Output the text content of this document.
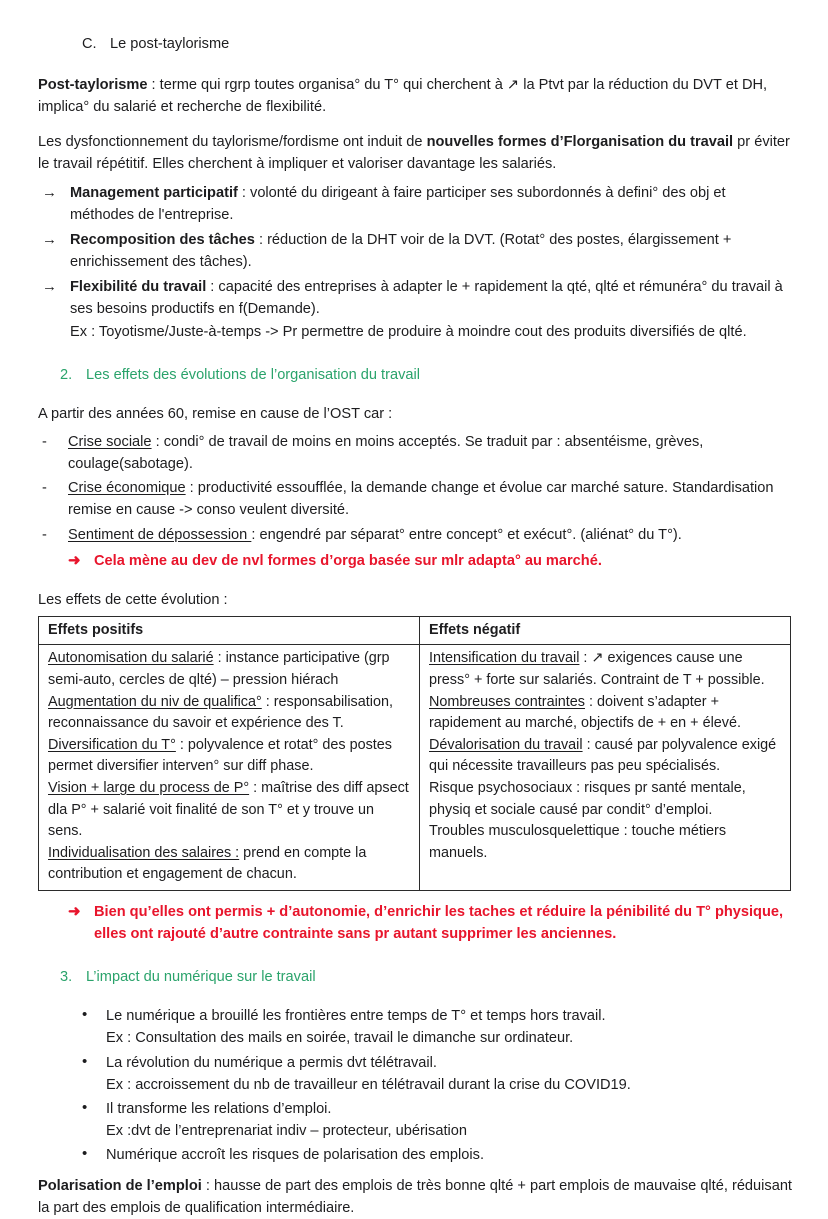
C. Le post-taylorisme

Post-taylorisme : terme qui rgrp toutes organisa° du T° qui cherchent à ↗ la Ptvt par la réduction du DVT et DH, implica° du salarié et recherche de flexibilité.

Les dysfonctionnement du taylorisme/fordisme ont induit de nouvelles formes d’Florganisation du travail pr éviter le travail répétitif. Elles cherchent à impliquer et valoriser davantage les salariés.

→ Management participatif : volonté du dirigeant à faire participer ses subordonnés à defini° des obj et méthodes de l'entreprise.
→ Recomposition des tâches : réduction de la DHT voir de la DVT. (Rotat° des postes, élargissement + enrichissement des tâches).
→ Flexibilité du travail : capacité des entreprises à adapter le + rapidement la qté, qlté et rémunéra° du travail à ses besoins productifs en f(Demande).
Ex : Toyotisme/Juste-à-temps -> Pr permettre de produire à moindre cout des produits diversifiés de qlté.
2. Les effets des évolutions de l’organisation du travail

A partir des années 60, remise en cause de l’OST car :

- Crise sociale : condi° de travail de moins en moins acceptés. Se traduit par : absentéisme, grèves, coulage(sabotage).
- Crise économique : productivité essoufflée, la demande change et évolue car marché sature. Standardisation remise en cause -> conso veulent diversité.
- Sentiment de dépossession : engendré par séparat° entre concept° et exécut°. (aliénat° du T°).
➜ Cela mène au dev de nvl formes d’orga basée sur mlr adapta° au marché.

Les effets de cette évolution :

Effets positifs	Effets négatif

Autonomisation du salarié : instance participative (grp semi-auto, cercles de qlté) – pression hiérach
Augmentation du niv de qualifica° : responsabilisation, reconnaissance du savoir et expérience des T.
Diversification du T° : polyvalence et rotat° des postes permet diversifier interven° sur diff phase.
Vision + large du process de P° : maîtrise des diff apsect dla P° + salarié voit finalité de son T° et y trouve un sens.
Individualisation des salaires : prend en compte la contribution et engagement de chacun.

Intensification du travail : ↗ exigences cause une press° + forte sur salariés. Contraint de T + possible.
Nombreuses contraintes : doivent s’adapter + rapidement au marché, objectifs de + en + élevé.
Dévalorisation du travail : causé par polyvalence exigé qui nécessite travailleurs pas peu spécialisés.
Risque psychosociaux : risques pr santé mentale, physiq et sociale causé par condit° d’emploi.
Troubles musculosquelettique : touche métiers manuels.
➜ Bien qu’elles ont permis + d’autonomie, d’enrichir les taches et réduire la pénibilité du T° physique, elles ont rajouté d’autre contrainte sans pr autant supprimer les anciennes.
3. L’impact du numérique sur le travail
• Le numérique a brouillé les frontières entre temps de T° et temps hors travail.
Ex : Consultation des mails en soirée, travail le dimanche sur ordinateur.
• La révolution du numérique a permis dvt télétravail.
Ex : accroissement du nb de travailleur en télétravail durant la crise du COVID19.
• Il transforme les relations d’emploi.
Ex :dvt de l’entreprenariat indiv – protecteur, ubérisation
• Numérique accroît les risques de polarisation des emplois.

Polarisation de l’emploi : hausse de part des emplois de très bonne qlté + part emplois de mauvaise qlté, réduisant la part des emplois de qualification intermédiaire.
